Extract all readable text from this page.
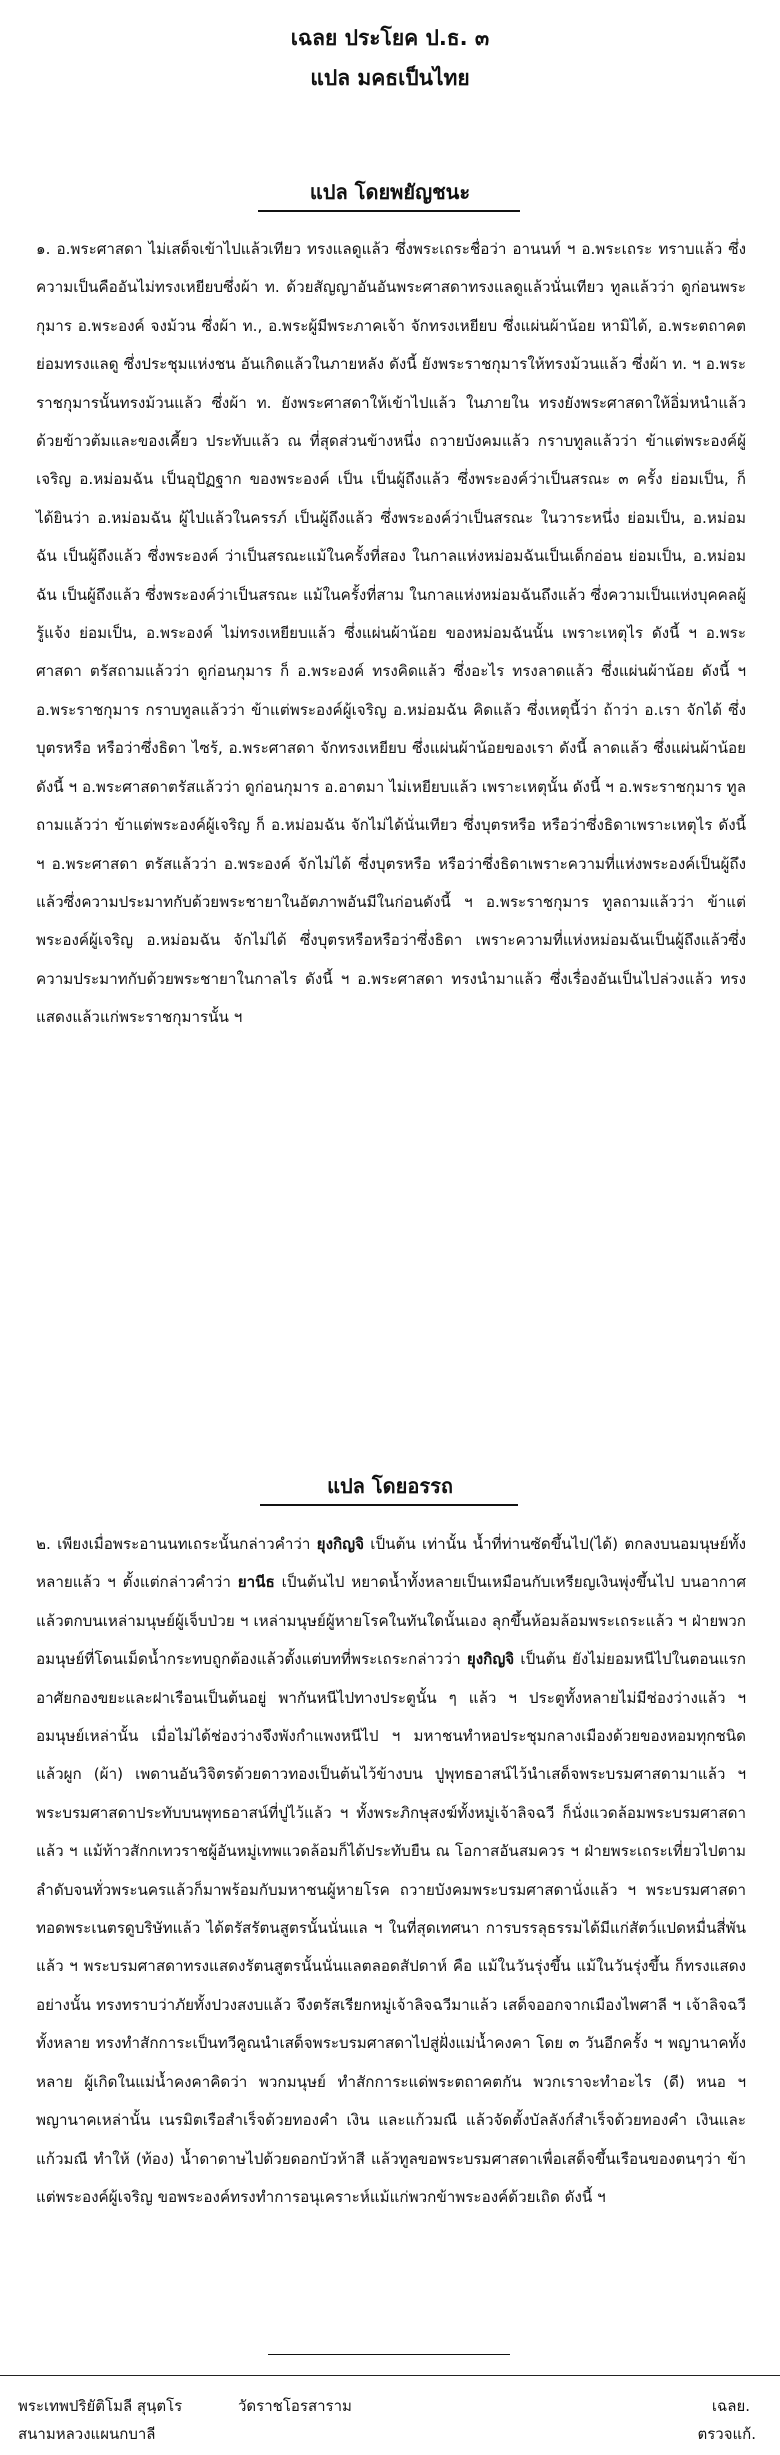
เฉลย ประโยค ป.ธ. ๓
แปล มคธเป็นไทย
แปล โดยพยัญชนะ
๑. อ.พระศาสดา ไม่เสด็จเข้าไปแล้วเทียว ทรงแลดูแล้ว ซึ่งพระเถระชื่อว่า อานนท์ ฯ อ.พระเถระ ทราบแล้ว ซึ่งความเป็นคืออันไม่ทรงเหยียบซึ่งผ้า ท. ด้วยสัญญาอันอันพระศาสดาทรงแลดูแล้วนั่นเทียว ทูลแล้วว่า ดูก่อนพระกุมาร อ.พระองค์ จงม้วน ซึ่งผ้า ท., อ.พระผู้มีพระภาคเจ้า จักทรงเหยียบ ซึ่งแผ่นผ้าน้อย หามิได้, อ.พระตถาคตย่อมทรงแลดู ซึ่งประชุมแห่งชน อันเกิดแล้วในภายหลัง ดังนี้ ยังพระราชกุมารให้ทรงม้วนแล้ว ซึ่งผ้า ท. ฯ อ.พระราชกุมารนั้นทรงม้วนแล้ว ซึ่งผ้า ท. ยังพระศาสดาให้เข้าไปแล้ว ในภายใน ทรงยังพระศาสดาให้อิ่มหนำแล้วด้วยข้าวต้มและของเคี้ยว ประทับแล้ว ณ ที่สุดส่วนข้างหนึ่ง ถวายบังคมแล้ว กราบทูลแล้วว่า ข้าแต่พระองค์ผู้เจริญ อ.หม่อมฉัน เป็นอุปัฏฐาก ของพระองค์ เป็น เป็นผู้ถึงแล้ว ซึ่งพระองค์ว่าเป็นสรณะ ๓ ครั้ง ย่อมเป็น, ก็ ได้ยินว่า อ.หม่อมฉัน ผู้ไปแล้วในครรภ์ เป็นผู้ถึงแล้ว ซึ่งพระองค์ว่าเป็นสรณะ ในวาระหนึ่ง ย่อมเป็น, อ.หม่อมฉัน เป็นผู้ถึงแล้ว ซึ่งพระองค์ ว่าเป็นสรณะแม้ในครั้งที่สอง ในกาลแห่งหม่อมฉันเป็นเด็กอ่อน ย่อมเป็น, อ.หม่อมฉัน เป็นผู้ถึงแล้ว ซึ่งพระองค์ว่าเป็นสรณะ แม้ในครั้งที่สาม ในกาลแห่งหม่อมฉันถึงแล้ว ซึ่งความเป็นแห่งบุคคลผู้รู้แจ้ง ย่อมเป็น, อ.พระองค์ ไม่ทรงเหยียบแล้ว ซึ่งแผ่นผ้าน้อย ของหม่อมฉันนั้น เพราะเหตุไร ดังนี้ ฯ อ.พระศาสดา ตรัสถามแล้วว่า ดูก่อนกุมาร ก็ อ.พระองค์ ทรงคิดแล้ว ซึ่งอะไร ทรงลาดแล้ว ซึ่งแผ่นผ้าน้อย ดังนี้ ฯ อ.พระราชกุมาร กราบทูลแล้วว่า ข้าแต่พระองค์ผู้เจริญ อ.หม่อมฉัน คิดแล้ว ซึ่งเหตุนี้ว่า ถ้าว่า อ.เรา จักได้ ซึ่งบุตรหรือ หรือว่าซึ่งธิดา ไซร้, อ.พระศาสดา จักทรงเหยียบ ซึ่งแผ่นผ้าน้อยของเรา ดังนี้ ลาดแล้ว ซึ่งแผ่นผ้าน้อย ดังนี้ ฯ อ.พระศาสดาตรัสแล้วว่า ดูก่อนกุมาร อ.อาตมา ไม่เหยียบแล้ว เพราะเหตุนั้น ดังนี้ ฯ อ.พระราชกุมาร ทูลถามแล้วว่า ข้าแต่พระองค์ผู้เจริญ ก็ อ.หม่อมฉัน จักไม่ได้นั่นเทียว ซึ่งบุตรหรือ หรือว่าซึ่งธิดาเพราะเหตุไร ดังนี้ ฯ อ.พระศาสดา ตรัสแล้วว่า อ.พระองค์ จักไม่ได้ ซึ่งบุตรหรือ หรือว่าซึ่งธิดาเพราะความที่แห่งพระองค์เป็นผู้ถึงแล้วซึ่งความประมาทกับด้วยพระชายาในอัตภาพอันมีในก่อนดังนี้ ฯ อ.พระราชกุมาร ทูลถามแล้วว่า ข้าแต่พระองค์ผู้เจริญ อ.หม่อมฉัน จักไม่ได้ ซึ่งบุตรหรือหรือว่าซึ่งธิดา เพราะความที่แห่งหม่อมฉันเป็นผู้ถึงแล้วซึ่งความประมาทกับด้วยพระชายาในกาลไร ดังนี้ ฯ อ.พระศาสดา ทรงนำมาแล้ว ซึ่งเรื่องอันเป็นไปล่วงแล้ว ทรงแสดงแล้วแก่พระราชกุมารนั้น ฯ
แปล โดยอรรถ
๒. เพียงเมื่อพระอานนทเถระนั้นกล่าวคำว่า ยุงกิญจิ เป็นต้น เท่านั้น น้ำที่ท่านซัดขึ้นไป(ได้) ตกลงบนอมนุษย์ทั้งหลายแล้ว ฯ ตั้งแต่กล่าวคำว่า ยานีธ เป็นต้นไป หยาดน้ำทั้งหลายเป็นเหมือนกับเหรียญเงินพุ่งขึ้นไป บนอากาศแล้วตกบนเหล่ามนุษย์ผู้เจ็บป่วย ฯ เหล่ามนุษย์ผู้หายโรคในทันใดนั้นเอง ลุกขึ้นห้อมล้อมพระเถระแล้ว ฯ ฝ่ายพวกอมนุษย์ที่โดนเม็ดน้ำกระทบถูกต้องแล้วตั้งแต่บทที่พระเถระกล่าวว่า ยุงกิญจิ เป็นต้น ยังไม่ยอมหนีไปในตอนแรก อาศัยกองขยะและฝาเรือนเป็นต้นอยู่ พากันหนีไปทางประตูนั้น ๆ แล้ว ฯ ประตูทั้งหลายไม่มีช่องว่างแล้ว ฯ อมนุษย์เหล่านั้น เมื่อไม่ได้ช่องว่างจึงพังกำแพงหนีไป ฯ มหาชนทำหอประชุมกลางเมืองด้วยของหอมทุกชนิดแล้วผูก (ผ้า) เพดานอันวิจิตรด้วยดาวทองเป็นต้นไว้ข้างบน ปูพุทธอาสน์ไว้นำเสด็จพระบรมศาสดามาแล้ว ฯ พระบรมศาสดาประทับบนพุทธอาสน์ที่ปูไว้แล้ว ฯ ทั้งพระภิกษุสงฆ์ทั้งหมู่เจ้าลิจฉวี ก็นั่งแวดล้อมพระบรมศาสดาแล้ว ฯ แม้ท้าวสักกเทวราชผู้อันหมู่เทพแวดล้อมก็ได้ประทับยืน ณ โอกาสอันสมควร ฯ ฝ่ายพระเถระเที่ยวไปตามลำดับจนทั่วพระนครแล้วก็มาพร้อมกับมหาชนผู้หายโรค ถวายบังคมพระบรมศาสดานั่งแล้ว ฯ พระบรมศาสดาทอดพระเนตรดูบริษัทแล้ว ได้ตรัสรัตนสูตรนั้นนั่นแล ฯ ในที่สุดเทศนา การบรรลุธรรมได้มีแก่สัตว์แปดหมื่นสี่พันแล้ว ฯ พระบรมศาสดาทรงแสดงรัตนสูตรนั้นนั่นแลตลอดสัปดาห์ คือ แม้ในวันรุ่งขึ้น แม้ในวันรุ่งขึ้น ก็ทรงแสดงอย่างนั้น ทรงทราบว่าภัยทั้งปวงสงบแล้ว จึงตรัสเรียกหมู่เจ้าลิจฉวีมาแล้ว เสด็จออกจากเมืองไพศาลี ฯ เจ้าลิจฉวีทั้งหลาย ทรงทำสักการะเป็นทวีคูณนำเสด็จพระบรมศาสดาไปสู่ฝั่งแม่น้ำคงคา โดย ๓ วันอีกครั้ง ฯ พญานาคทั้งหลาย ผู้เกิดในแม่น้ำคงคาคิดว่า พวกมนุษย์ ทำสักการะแด่พระตถาคตกัน พวกเราจะทำอะไร (ดี) หนอ ฯ พญานาคเหล่านั้น เนรมิตเรือสำเร็จด้วยทองคำ เงิน และแก้วมณี แล้วจัดตั้งบัลลังก์สำเร็จด้วยทองคำ เงินและแก้วมณี ทำให้ (ท้อง) น้ำดาดาษไปด้วยดอกบัวห้าสี แล้วทูลขอพระบรมศาสดาเพื่อเสด็จขึ้นเรือนของตนๆว่า ข้าแต่พระองค์ผู้เจริญ ขอพระองค์ทรงทำการอนุเคราะห์แม้แก่พวกข้าพระองค์ด้วยเถิด ดังนี้ ฯ
พระเทพปริยัติโมลี สุนฺตโร	วัดราชโอรสาราม
สนามหลวงแผนกบาลี
เฉลย.
ตรวจแก้.
